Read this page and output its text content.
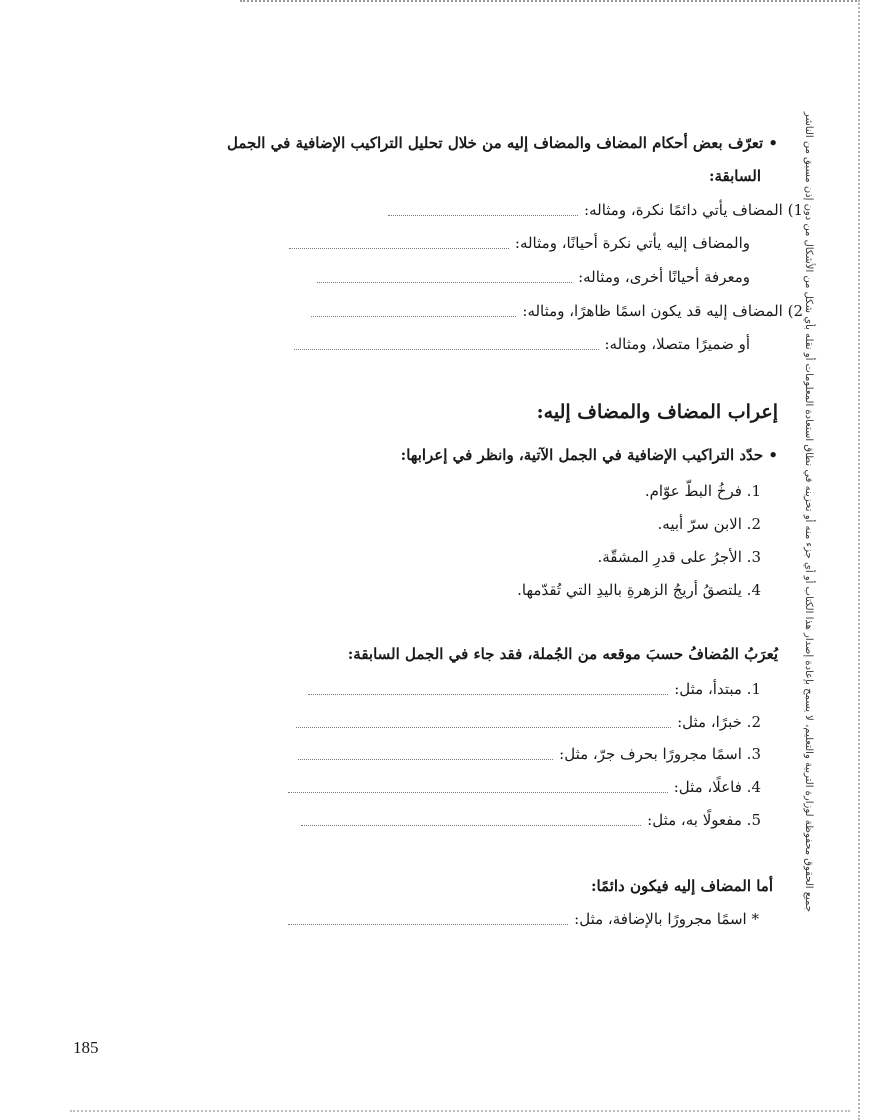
• تعرّف بعض أحكام المضاف والمضاف إليه من خلال تحليل التراكيب الإضافية في الجمل
السابقة:
1) المضاف يأتي دائمًا نكرة، ومثاله:
والمضاف إليه يأتي نكرة أحيانًا، ومثاله:
ومعرفة أحيانًا أخرى، ومثاله:
2) المضاف إليه قد يكون اسمًا ظاهرًا، ومثاله:
أو ضميرًا متصلا، ومثاله:
إعراب المضاف والمضاف إليه:
• حدّد التراكيب الإضافية في الجمل الآتية، وانظر في إعرابها:
1. فرخُ البطّ عوّام.
2. الابن سرّ أبيه.
3. الأجرُ على قدرِ المشقّة.
4. يلتصقُ أريجُ الزهرةِ باليدِ التي تُقدّمها.
يُعرَبُ المُضافُ حسبَ موقعه من الجُملة، فقد جاء في الجمل السابقة:
1. مبتدأ، مثل:
2. خبرًا، مثل:
3. اسمًا مجرورًا بحرف جرّ، مثل:
4. فاعلًا، مثل:
5. مفعولًا به، مثل:
أما المضاف إليه فيكون دائمًا:
* اسمًا مجرورًا بالإضافة، مثل:
جميع الحقوق محفوظة لوزارة التربية والتعليم، لا يسمح بإعادة إصدار هذا الكتاب أو أي جزء منه أو تخزينه في نطاق استعادة المعلومات أو نقله بأي شكل من الأشكال من دون إذن مسبق من الناشر
185
